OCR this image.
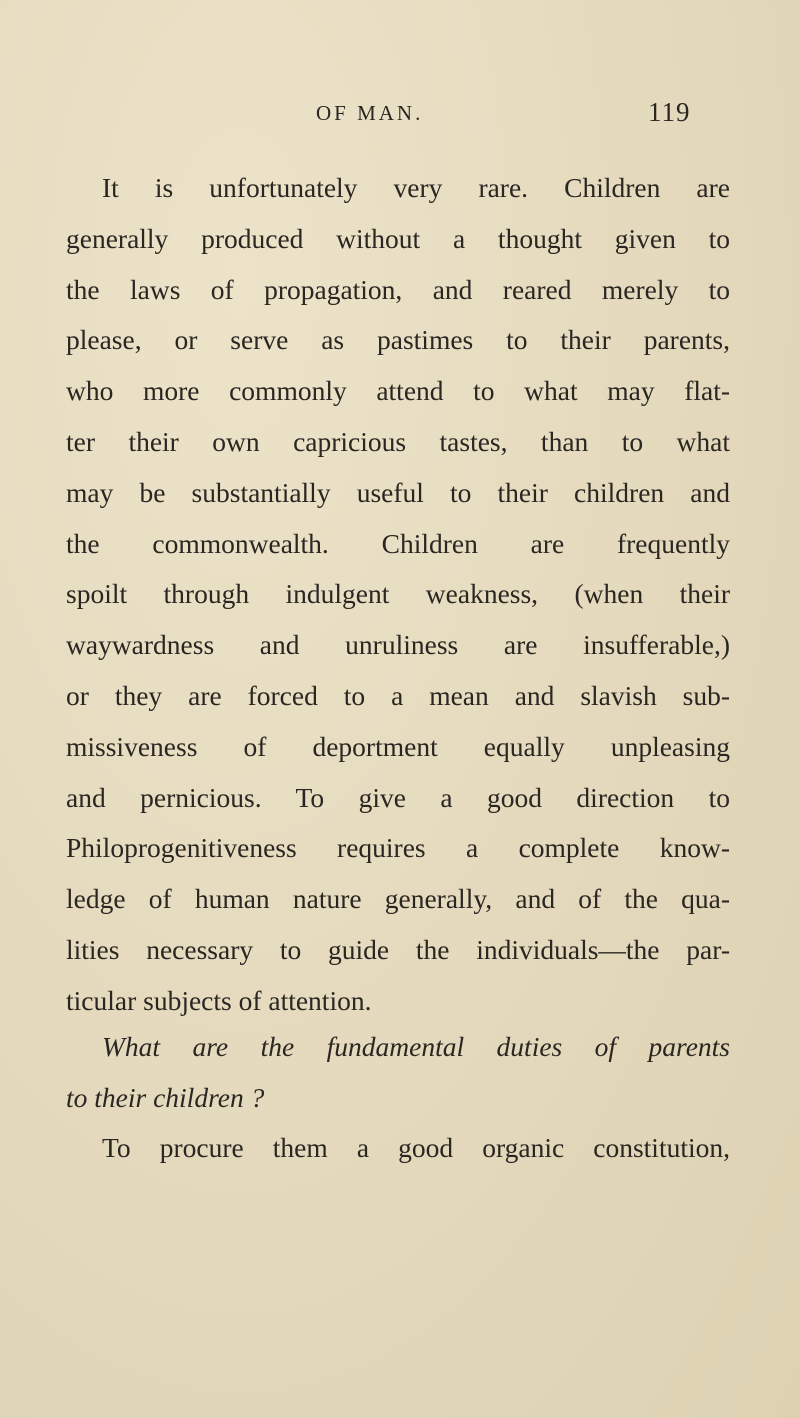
OF MAN.	119
It is unfortunately very rare. Children are
generally produced without a thought given to
the laws of propagation, and reared merely to
please, or serve as pastimes to their parents,
who more commonly attend to what may flat-
ter their own capricious tastes, than to what
may be substantially useful to their children and
the commonwealth. Children are frequently
spoilt through indulgent weakness, (when their
waywardness and unruliness are insufferable,)
or they are forced to a mean and slavish sub-
missiveness of deportment equally unpleasing
and pernicious. To give a good direction to
Philoprogenitiveness requires a complete know-
ledge of human nature generally, and of the qua-
lities necessary to guide the individuals—the par-
ticular subjects of attention.
What are the fundamental duties of parents
to their children ?
To procure them a good organic constitution,
